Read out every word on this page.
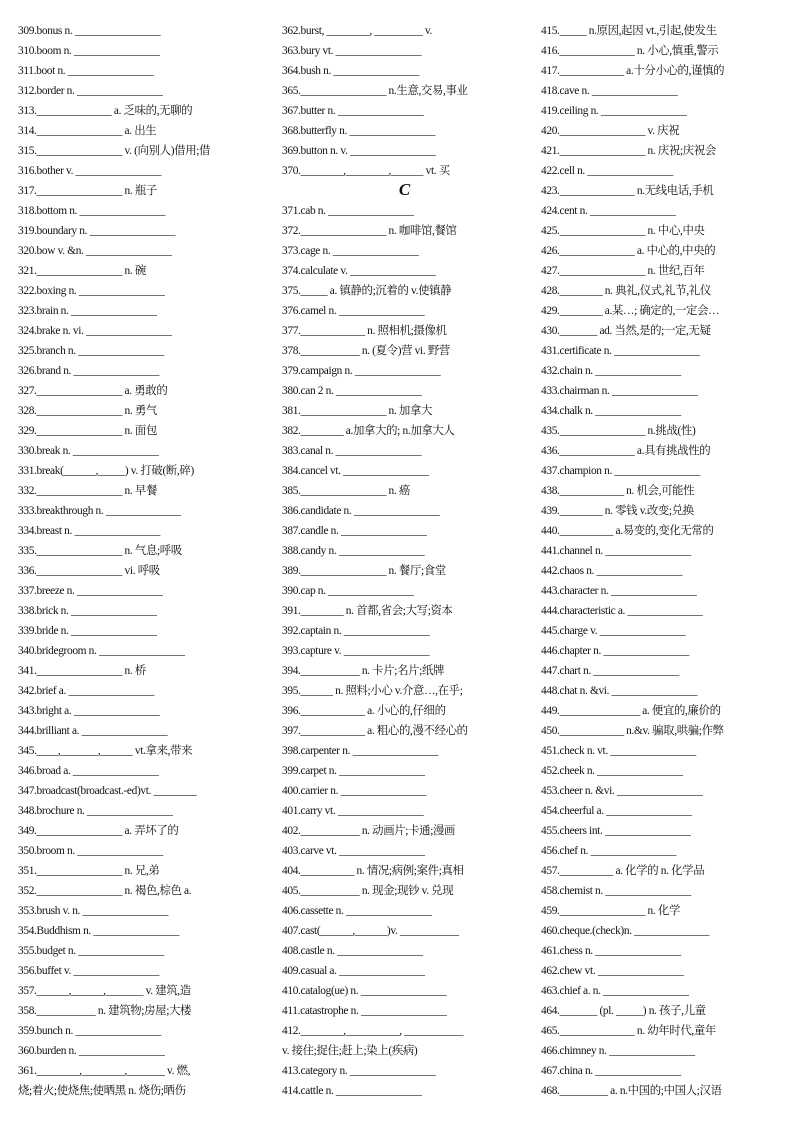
309.bonus n. ________________
310.boom n. ________________
311.boot n. ________________
312.border n. ________________
313.______________ a. 乏味的,无聊的
314.________________ a. 出生
315.________________ v. (向别人)借用;借
316.bother v. ________________
317.________________ n. 瓶子
318.bottom n. ________________
319.boundary n. ________________
320.bow v. &n. ________________
321.________________ n. 碗
322.boxing n. ________________
323.brain n. ________________
324.brake n. vi. ________________
325.branch n. ________________
326.brand n. ________________
327.________________ a. 勇敢的
328.________________ n. 勇气
329.________________ n. 面包
330.break n. ________________
331.break(______,_____) v. 打破(断,碎)
332.________________ n. 早餐
333.breakthrough n. ______________
334.breast n. ________________
335.________________ n. 气息;呼吸
336.________________ vi. 呼吸
337.breeze n. ________________
338.brick n. ________________
339.bride n. ________________
340.bridegroom n. ________________
341.________________ n. 桥
342.brief a. ________________
343.bright a. ________________
344.brilliant a. ________________
345.____,_______,______ vt.拿来,带来
346.broad a. ________________
347.broadcast(broadcast.-ed)vt. ________
348.brochure n. ________________
349.________________ a. 弄坏了的
350.broom n. ________________
351.________________ n. 兄,弟
352.________________ n. 褐色,棕色 a.
353.brush v. n. ________________
354.Buddhism n. ________________
355.budget n. ________________
356.buffet v. ________________
357.______,______,_______ v. 建筑,造
358.___________ n. 建筑物;房屋;大楼
359.bunch n. ________________
360.burden n. ________________
361.________,________,_______ v. 燃,
烧;着火;使烧焦;使晒黑 n. 烧伤;晒伤
362.burst, ________, _________ v.
363.bury vt. ________________
364.bush n. ________________
365.________________ n.生意,交易,事业
367.butter n. ________________
368.butterfly n. ________________
369.button n. v. ________________
370.________,________,______ vt. 买
C
371.cab n. ________________
372.________________ n. 咖啡馆,餐馆
373.cage n. ________________
374.calculate v. ________________
375._____ a. 镇静的;沉着的 v.使镇静
376.camel n. ________________
377.____________ n. 照相机;摄像机
378.___________ n. (夏令)营 vi. 野营
379.campaign n. ________________
380.can 2 n. ________________
381.________________ n. 加拿大
382.________ a.加拿大的; n.加拿大人
383.canal n. ________________
384.cancel vt. ________________
385.________________ n. 癌
386.candidate n. ________________
387.candle n. ________________
388.candy n. ________________
389.________________ n. 餐厅;食堂
390.cap n. ________________
391.________ n. 首都,省会;大写;资本
392.captain n. ________________
393.capture v. ________________
394.___________ n. 卡片;名片;纸牌
395.______ n. 照料;小心 v.介意…,在乎;
396.____________ a. 小心的,仔细的
397.____________ a. 粗心的,漫不经心的
398.carpenter n. ________________
399.carpet n. ________________
400.carrier n. ________________
401.carry vt. ________________
402.___________ n. 动画片;卡通;漫画
403.carve vt. ________________
404.__________ n. 情况;病例;案件;真相
405.___________ n. 现金;现钞 v. 兑现
406.cassette n. ________________
407.cast(______,______)v. ___________
408.castle n. ________________
409.casual a. ________________
410.catalog(ue) n. ________________
411.catastrophe n. ________________
412.________,__________, ___________
v. 接住;捉住;赶上;染上(疾病)
413.category n. ________________
414.cattle n. ________________
415._____ n.原因,起因 vt.,引起,使发生
416.______________ n. 小心,慎重,警示
417.____________ a.十分小心的,谨慎的
418.cave n. ________________
419.ceiling n. ________________
420.________________ v. 庆祝
421.________________ n. 庆祝;庆祝会
422.cell n. ________________
423.______________ n.无线电话,手机
424.cent n. ________________
425.________________ n. 中心,中央
426.______________ a. 中心的,中央的
427.________________ n. 世纪,百年
428.________ n. 典礼,仪式,礼节,礼仪
429.________ a.某…; 确定的,一定会…
430._______ ad. 当然,是的;一定,无疑
431.certificate n. ________________
432.chain n. ________________
433.chairman n. ________________
434.chalk n. ________________
435.________________ n.挑战(性)
436.______________ a.具有挑战性的
437.champion n. ________________
438.____________ n. 机会,可能性
439.________ n. 零钱 v.改变;兑换
440.__________ a.易变的,变化无常的
441.channel n. ________________
442.chaos n. ________________
443.character n. ________________
444.characteristic a. ______________
445.charge v. ________________
446.chapter n. ________________
447.chart n. ________________
448.chat n. &vi. ________________
449._______________ a. 便宜的,廉价的
450.____________ n.&v. 骗取,哄骗;作弊
451.check n. vt. ________________
452.cheek n. ________________
453.cheer n. &vi. ________________
454.cheerful a. ________________
455.cheers int. ________________
456.chef n. ________________
457.__________ a. 化学的 n. 化学品
458.chemist n. ________________
459.________________ n. 化学
460.cheque.(check)n. ______________
461.chess n. ________________
462.chew vt. ________________
463.chief a. n. ________________
464._______ (pl. _____) n. 孩子,儿童
465.______________ n. 幼年时代,童年
466.chimney n. ________________
467.china n. ________________
468._________ a. n.中国的;中国人;汉语
